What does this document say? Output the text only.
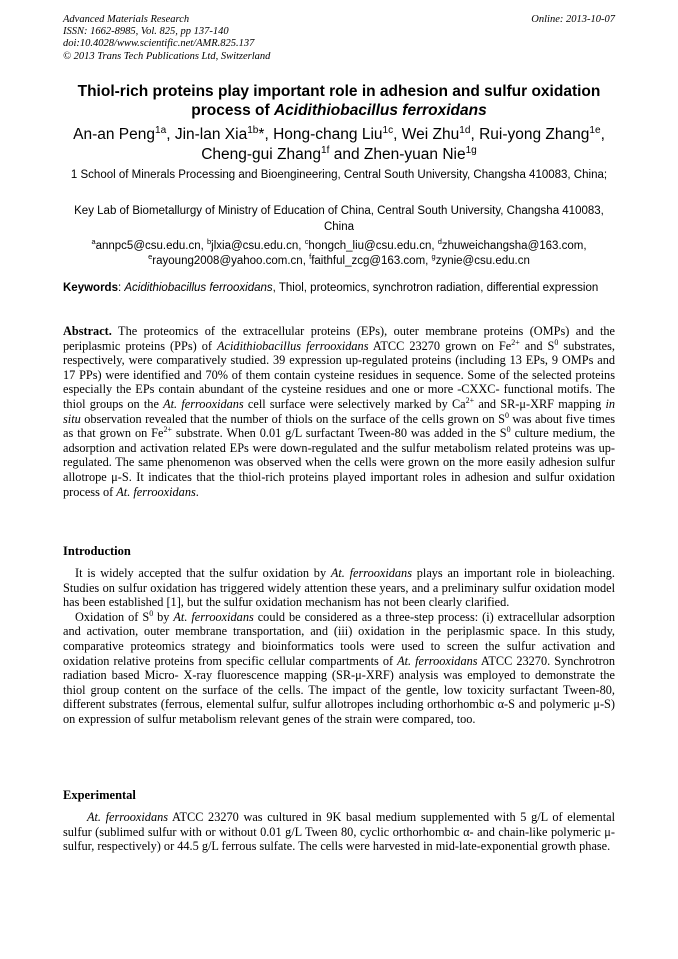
Advanced Materials Research
ISSN: 1662-8985, Vol. 825, pp 137-140
doi:10.4028/www.scientific.net/AMR.825.137
© 2013 Trans Tech Publications Ltd, Switzerland
Online: 2013-10-07
Thiol-rich proteins play important role in adhesion and sulfur oxidation
process of Acidithiobacillus ferroxidans
An-an Peng$^{1a}$, Jin-lan Xia$^{1b}$*, Hong-chang Liu$^{1c}$, Wei Zhu$^{1d}$, Rui-yong Zhang$^{1e}$,
Cheng-gui Zhang$^{1f}$ and Zhen-yuan Nie$^{1g}$
1 School of Minerals Processing and Bioengineering, Central South University, Changsha 410083, China;
Key Lab of Biometallurgy of Ministry of Education of China, Central South University, Changsha 410083, China
$^a$annpc5@csu.edu.cn, $^b$jlxia@csu.edu.cn, $^c$hongch_liu@csu.edu.cn, $^d$zhuweichangsha@163.com,
$^e$rayoung2008@yahoo.com.cn, $^f$faithful_zcg@163.com, $^g$zynie@csu.edu.cn
Keywords: Acidithiobacillus ferrooxidans, Thiol, proteomics, synchrotron radiation, differential expression

Abstract. The proteomics of the extracellular proteins (EPs), outer membrane proteins (OMPs) and the periplasmic proteins (PPs) of Acidithiobacillus ferrooxidans ATCC 23270 grown on $Fe^{2+}$ and $S^0$ substrates, respectively, were comparatively studied. 39 expression up-regulated proteins (including 13 EPs, 9 OMPs and 17 PPs) were identified and 70% of them contain cysteine residues in sequence. Some of the selected proteins especially the EPs contain abundant of the cysteine residues and one or more -CXXC- functional motifs. The thiol groups on the At. ferrooxidans cell surface were selectively marked by $Ca^{2+}$ and SR-μ-XRF mapping in situ observation revealed that the number of thiols on the surface of the cells grown on $S^0$ was about five times as that grown on $Fe^{2+}$ substrate. When 0.01 g/L surfactant Tween-80 was added in the $S^0$ culture medium, the adsorption and activation related EPs were down-regulated and the sulfur metabolism related proteins was up-regulated. The same phenomenon was observed when the cells were grown on the more easily adhesion sulfur allotrope μ-S. It indicates that the thiol-rich proteins played important roles in adhesion and sulfur oxidation process of At. ferrooxidans.

Introduction

It is widely accepted that the sulfur oxidation by At. ferrooxidans plays an important role in bioleaching. Studies on sulfur oxidation has triggered widely attention these years, and a preliminary sulfur oxidation model has been established [1], but the sulfur oxidation mechanism has not been clearly clarified.

Oxidation of $S^0$ by At. ferrooxidans could be considered as a three-step process: (i) extracellular adsorption and activation, outer membrane transportation, and (iii) oxidation in the periplasmic space. In this study, comparative proteomics strategy and bioinformatics tools were used to screen the sulfur activation and oxidation relative proteins from specific cellular compartments of At. ferrooxidans ATCC 23270. Synchrotron radiation based Micro- X-ray fluorescence mapping (SR-μ-XRF) analysis was employed to demonstrate the thiol group content on the surface of the cells. The impact of the gentle, low toxicity surfactant Tween-80, different substrates (ferrous, elemental sulfur, sulfur allotropes including orthorhombic α-S and polymeric μ-S) on expression of sulfur metabolism relevant genes of the strain were compared, too.

Experimental

At. ferrooxidans ATCC 23270 was cultured in 9K basal medium supplemented with 5 g/L of elemental sulfur (sublimed sulfur with or without 0.01 g/L Tween 80, cyclic orthorhombic α- and chain-like polymeric μ-sulfur, respectively) or 44.5 g/L ferrous sulfate. The cells were harvested in mid-late-exponential growth phase.
